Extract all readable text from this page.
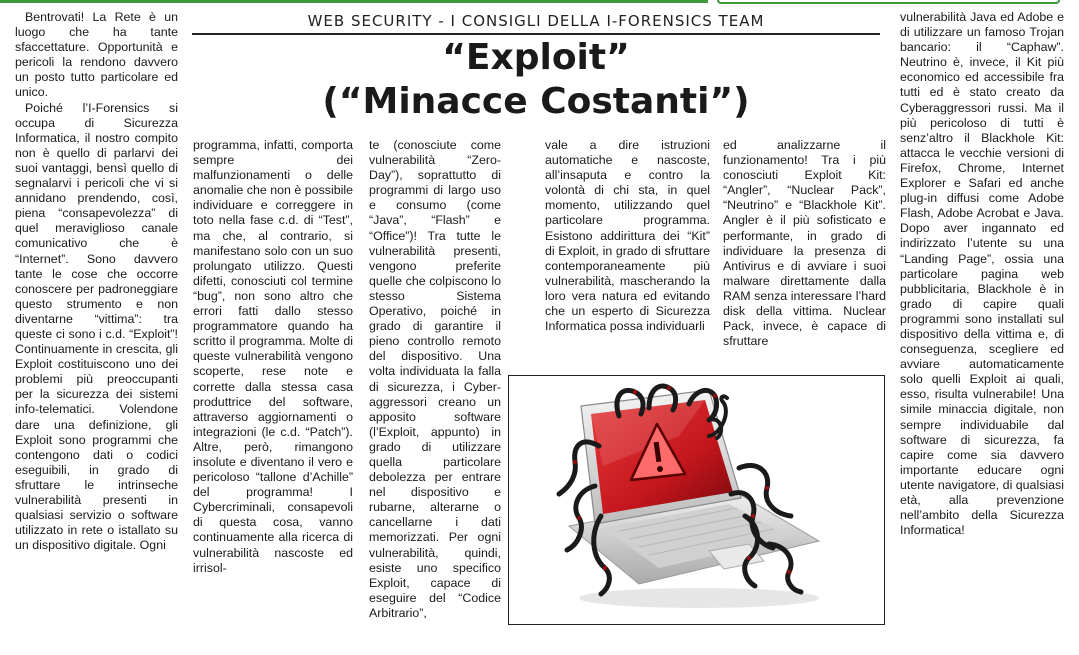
WEB SECURITY - I CONSIGLI DELLA I-FORENSICS TEAM
“Exploit”
(“Minacce Costanti”)

Bentrovati! La Rete è un luogo che ha tante sfaccettature. Opportunità e pericoli la rendono davvero un posto tutto particolare ed unico.

Poiché l’I-Forensics si occupa di Sicurezza Informatica, il nostro compito non è quello di parlarvi dei suoi vantaggi, bensì quello di segnalarvi i pericoli che vi si annidano prendendo, così, piena “consapevolezza” di quel meraviglioso canale comunicativo che è “Internet”. Sono davvero tante le cose che occorre conoscere per padroneggiare questo strumento e non diventarne “vittima”: tra queste ci sono i c.d. “Exploit”! Continuamente in crescita, gli Exploit costituiscono uno dei problemi più preoccupanti per la sicurezza dei sistemi info-telematici. Volendone dare una definizione, gli Exploit sono programmi che contengono dati o codici eseguibili, in grado di sfruttare le intrinseche vulnerabilità presenti in qualsiasi servizio o software utilizzato in rete o istallato su un dispositivo digitale. Ogni

programma, infatti, comporta sempre dei malfunzionamenti o delle anomalie che non è possibile individuare e correggere in toto nella fase c.d. di “Test”, ma che, al contrario, si manifestano solo con un suo prolungato utilizzo. Questi difetti, conosciuti col termine “bug”, non sono altro che errori fatti dallo stesso programmatore quando ha scritto il programma. Molte di queste vulnerabilità vengono scoperte, rese note e corrette dalla stessa casa produttrice del software, attraverso aggiornamenti o integrazioni (le c.d. “Patch”). Altre, però, rimangono insolute e diventano il vero e pericoloso “tallone d’Achille” del programma! I Cybercriminali, consapevoli di questa cosa, vanno continuamente alla ricerca di vulnerabilità nascoste ed irrisol-

te (conosciute come vulnerabilità “Zero-Day”), soprattutto di programmi di largo uso e consumo (come “Java”, “Flash” e “Office”)! Tra tutte le vulnerabilità presenti, vengono preferite quelle che colpiscono lo stesso Sistema Operativo, poiché in grado di garantire il pieno controllo remoto del dispositivo. Una volta individuata la falla di sicurezza, i Cyber-aggressori creano un apposito software (l’Exploit, appunto) in grado di utilizzare quella particolare debolezza per entrare nel dispositivo e rubarne, alterarne o cancellarne i dati memorizzati. Per ogni vulnerabilità, quindi, esiste uno specifico Exploit, capace di eseguire del “Codice Arbitrario”,

vale a dire istruzioni automatiche e nascoste, all’insaputa e contro la volontà di chi sta, in quel momento, utilizzando quel particolare programma. Esistono addirittura dei “Kit” di Exploit, in grado di sfruttare contemporaneamente più vulnerabilità, mascherando la loro vera natura ed evitando che un esperto di Sicurezza Informatica possa individuarli

ed analizzarne il funzionamento! Tra i più conosciuti Exploit Kit: “Angler”, “Nuclear Pack”, “Neutrino” e “Blackhole Kit”. Angler è il più sofisticato e performante, in grado di individuare la presenza di Antivirus e di avviare i suoi malware direttamente dalla RAM senza interessare l’hard disk della vittima. Nuclear Pack, invece, è capace di sfruttare

vulnerabilità Java ed Adobe e di utilizzare un famoso Trojan bancario: il “Caphaw”. Neutrino è, invece, il Kit più economico ed accessibile fra tutti ed è stato creato da Cyberaggressori russi. Ma il più pericoloso di tutti è senz’altro il Blackhole Kit: attacca le vecchie versioni di Firefox, Chrome, Internet Explorer e Safari ed anche plug-in diffusi come Adobe Flash, Adobe Acrobat e Java. Dopo aver ingannato ed indirizzato l’utente su una “Landing Page”, ossia una particolare pagina web pubblicitaria, Blackhole è in grado di capire quali programmi sono installati sul dispositivo della vittima e, di conseguenza, scegliere ed avviare automaticamente solo quelli Exploit ai quali, esso, risulta vulnerabile! Una simile minaccia digitale, non sempre individuabile dal software di sicurezza, fa capire come sia davvero importante educare ogni utente navigatore, di qualsiasi età, alla prevenzione nell’ambito della Sicurezza Informatica!
